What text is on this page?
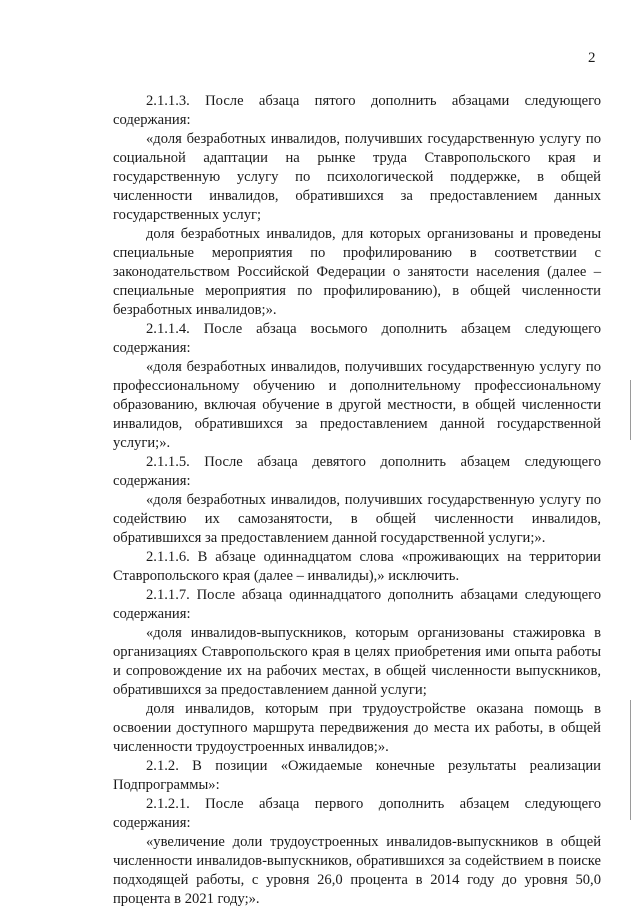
2

2.1.1.3. После абзаца пятого дополнить абзацами следующего содержания:

«доля безработных инвалидов, получивших государственную услугу по социальной адаптации на рынке труда Ставропольского края и государственную услугу по психологической поддержке, в общей численности инвалидов, обратившихся за предоставлением данных государственных услуг;

доля безработных инвалидов, для которых организованы и проведены специальные мероприятия по профилированию в соответствии с законодательством Российской Федерации о занятости населения (далее – специальные мероприятия по профилированию), в общей численности безработных инвалидов;».

2.1.1.4. После абзаца восьмого дополнить абзацем следующего содержания:

«доля безработных инвалидов, получивших государственную услугу по профессиональному обучению и дополнительному профессиональному образованию, включая обучение в другой местности, в общей численности инвалидов, обратившихся за предоставлением данной государственной услуги;».

2.1.1.5. После абзаца девятого дополнить абзацем следующего содержания:

«доля безработных инвалидов, получивших государственную услугу по содействию их самозанятости, в общей численности инвалидов, обратившихся за предоставлением данной государственной услуги;».

2.1.1.6. В абзаце одиннадцатом слова «проживающих на территории Ставропольского края (далее – инвалиды),» исключить.

2.1.1.7. После абзаца одиннадцатого дополнить абзацами следующего содержания:

«доля инвалидов-выпускников, которым организованы стажировка в организациях Ставропольского края в целях приобретения ими опыта работы и сопровождение их на рабочих местах, в общей численности выпускников, обратившихся за предоставлением данной услуги;

доля инвалидов, которым при трудоустройстве оказана помощь в освоении доступного маршрута передвижения до места их работы, в общей численности трудоустроенных инвалидов;».

2.1.2. В позиции «Ожидаемые конечные результаты реализации Подпрограммы»:

2.1.2.1. После абзаца первого дополнить абзацем следующего содержания:

«увеличение доли трудоустроенных инвалидов-выпускников в общей численности инвалидов-выпускников, обратившихся за содействием в поиске подходящей работы, с уровня 26,0 процента в 2014 году до уровня 50,0 процента в 2021 году;».
